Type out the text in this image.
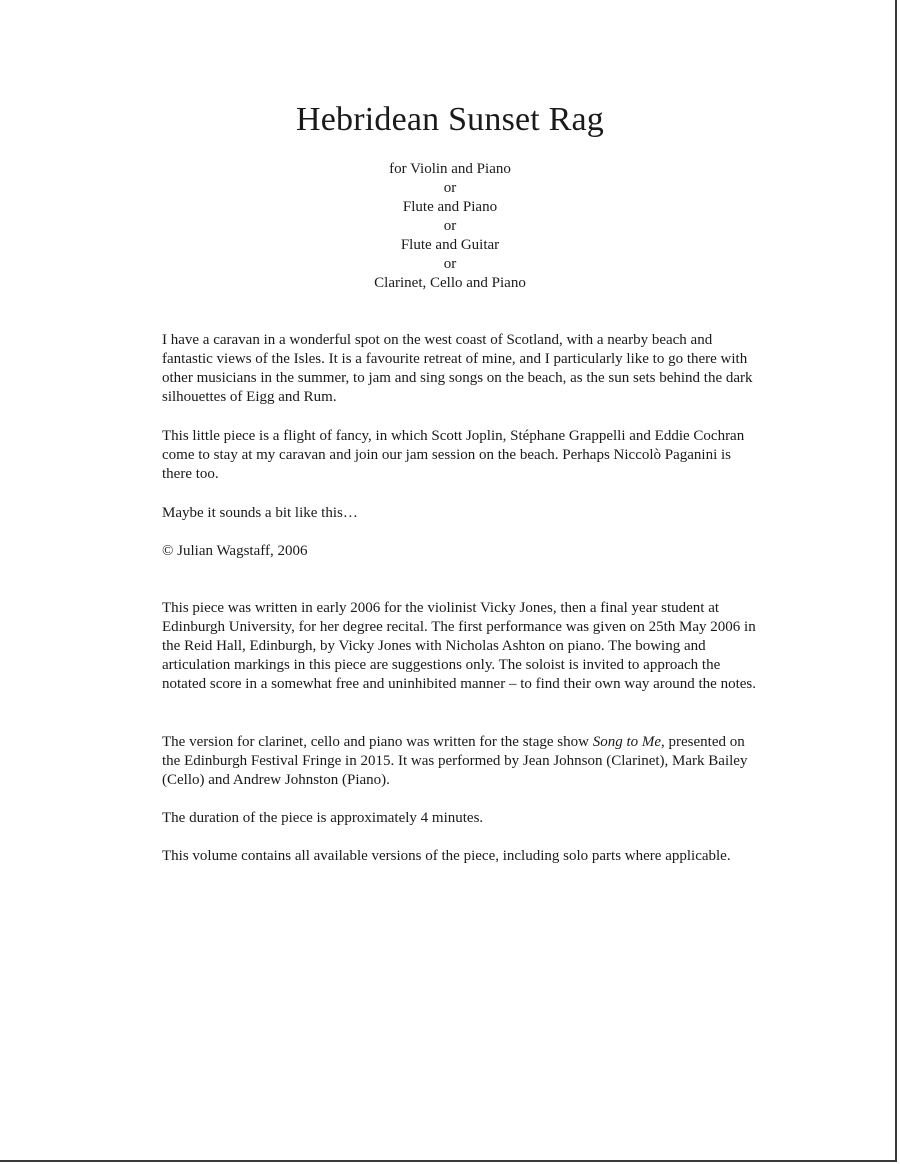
Hebridean Sunset Rag
for Violin and Piano
or
Flute and Piano
or
Flute and Guitar
or
Clarinet, Cello and Piano

I have a caravan in a wonderful spot on the west coast of Scotland, with a nearby beach and fantastic views of the Isles. It is a favourite retreat of mine, and I particularly like to go there with other musicians in the summer, to jam and sing songs on the beach, as the sun sets behind the dark silhouettes of Eigg and Rum.

This little piece is a flight of fancy, in which Scott Joplin, Stéphane Grappelli and Eddie Cochran come to stay at my caravan and join our jam session on the beach. Perhaps Niccolò Paganini is there too.

Maybe it sounds a bit like this…

© Julian Wagstaff, 2006

This piece was written in early 2006 for the violinist Vicky Jones, then a final year student at Edinburgh University, for her degree recital. The first performance was given on 25th May 2006 in the Reid Hall, Edinburgh, by Vicky Jones with Nicholas Ashton on piano. The bowing and articulation markings in this piece are suggestions only. The soloist is invited to approach the notated score in a somewhat free and uninhibited manner – to find their own way around the notes.

The version for clarinet, cello and piano was written for the stage show Song to Me, presented on the Edinburgh Festival Fringe in 2015. It was performed by Jean Johnson (Clarinet), Mark Bailey (Cello) and Andrew Johnston (Piano).

The duration of the piece is approximately 4 minutes.

This volume contains all available versions of the piece, including solo parts where applicable.
